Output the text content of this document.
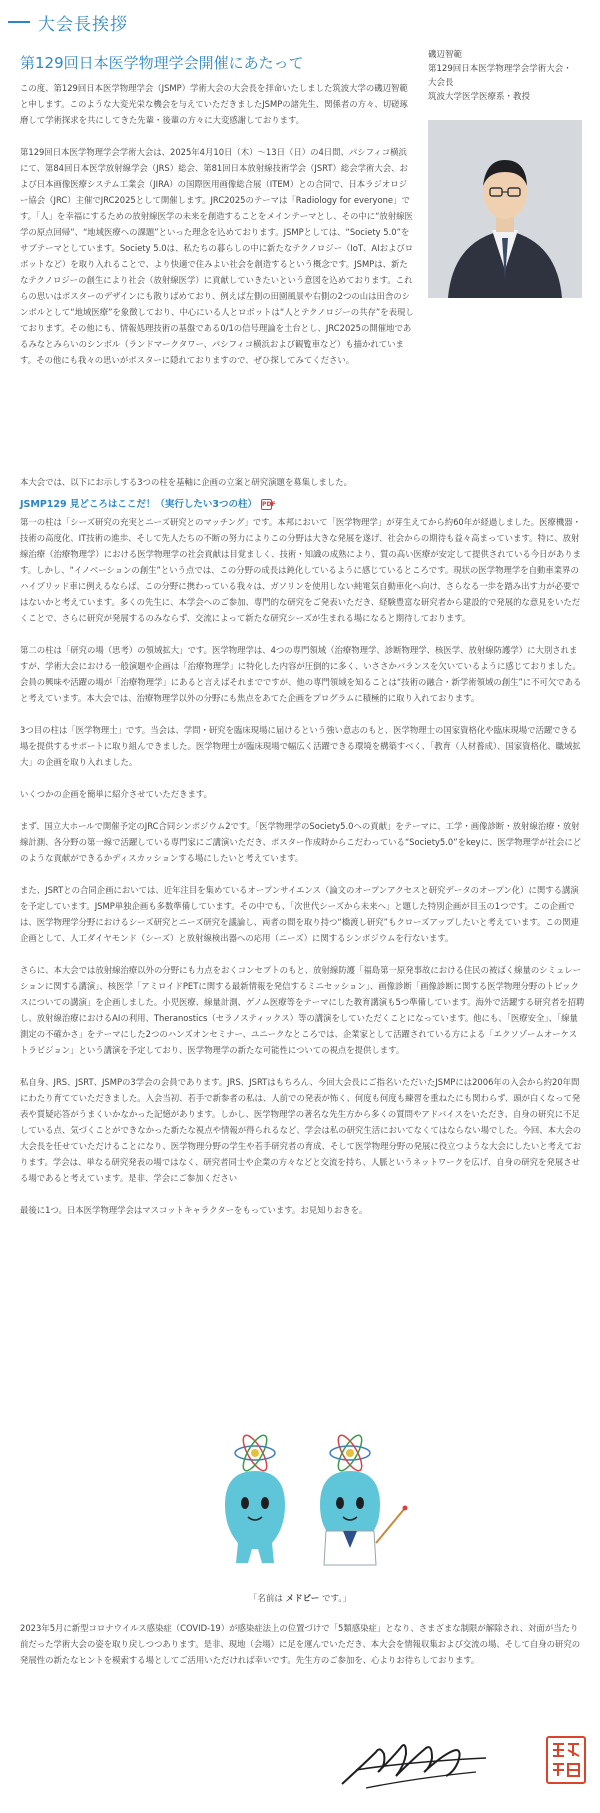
大会長挨拶
第129回日本医学物理学会開催にあたって	磯辺智範
第129回日本医学物理学会学術大会・大会長
筑波大学医学医療系・教授

この度、第129回日本医学物理学会（JSMP）学術大会の大会長を拝命いたしました筑波大学の磯辺智範と申します。このような大変光栄な機会を与えていただきましたJSMPの諸先生、関係者の方々、切磋琢磨して学術探求を共にしてきた先輩・後輩の方々に大変感謝しております。

第129回日本医学物理学会学術大会は、2025年4月10日（木）〜13日（日）の4日間、パシフィコ横浜にて、第84回日本医学放射線学会（JRS）総会、第81回日本放射線技術学会（JSRT）総会学術大会、および日本画像医療システム工業会（JIRA）の国際医用画像総合展（ITEM）との合同で、日本ラジオロジー協会（JRC）主催でJRC2025として開催します。JRC2025のテーマは「Radiology for everyone」です。「人」を幸福にするための放射線医学の未来を創造することをメインテーマとし、その中に“放射線医学の原点回帰”、“地域医療への課題”といった理念を込めております。JSMPとしては、“Society 5.0”をサブテーマとしています。Society 5.0は、私たちの暮らしの中に新たなテクノロジー（IoT、AIおよびロボットなど）を取り入れることで、より快適で住みよい社会を創造するという概念です。JSMPは、新たなテクノロジーの創生により社会（放射線医学）に貢献していきたいという意図を込めております。これらの思いはポスターのデザインにも散りばめており、例えば左側の田園風景や右側の2つの山は田舎のシンボルとして“地域医療”を象徴しており、中心にいる人とロボットは“人とテクノロジーの共存”を表現しております。その他にも、情報処理技術の基盤である0/1の信号理論を土台とし、JRC2025の開催地であるみなとみらいのシンボル（ランドマークタワー、パシフィコ横浜および観覧車など）も描かれています。その他にも我々の思いがポスターに隠れておりますので、ぜひ探してみてください。

本大会では、以下にお示しする3つの柱を基軸に企画の立案と研究演題を募集しました。

JSMP129 見どころはここだ！（実行したい3つの柱） PDF

第一の柱は「シーズ研究の充実とニーズ研究とのマッチング」です。本邦において「医学物理学」が芽生えてから約60年が経過しました。医療機器・技術の高度化、IT技術の進歩、そして先人たちの不断の努力によりこの分野は大きな発展を遂げ、社会からの期待も益々高まっています。特に、放射線治療（治療物理学）における医学物理学の社会貢献は目覚ましく、技術・知識の成熟により、質の高い医療が安定して提供されている今日があります。しかし、“イノベーションの創生”という点では、この分野の成長は鈍化しているように感じているところです。現状の医学物理学を自動車業界のハイブリッド車に例えるならば、この分野に携わっている我々は、ガソリンを使用しない純電気自動車化へ向け、さらなる一歩を踏み出す力が必要ではないかと考えています。多くの先生に、本学会へのご参加、専門的な研究をご発表いただき、経験豊富な研究者から建設的で発展的な意見をいただくことで、さらに研究が発展するのみならず、交流によって新たな研究シーズが生まれる場になると期待しております。

第二の柱は「研究の場（思考）の領域拡大」です。医学物理学は、4つの専門領域（治療物理学、診断物理学、核医学、放射線防護学）に大別されますが、学術大会における一般演題や企画は「治療物理学」に特化した内容が圧倒的に多く、いささかバランスを欠いているように感じておりました。会員の興味や活躍の場が「治療物理学」にあると言えばそれまでですが、他の専門領域を知ることは“技術の融合・新学術領域の創生”に不可欠であると考えています。本大会では、治療物理学以外の分野にも焦点をあてた企画をプログラムに積極的に取り入れております。

3つ目の柱は「医学物理士」です。当会は、学問・研究を臨床現場に届けるという強い意志のもと、医学物理士の国家資格化や臨床現場で活躍できる場を提供するサポートに取り組んできました。医学物理士が臨床現場で幅広く活躍できる環境を構築すべく、「教育（人材養成）、国家資格化、職域拡大」の企画を取り入れました。

いくつかの企画を簡単に紹介させていただきます。

まず、国立大ホールで開催予定のJRC合同シンポジウム2です。「医学物理学のSociety5.0への貢献」をテーマに、工学・画像診断・放射線治療・放射線計測、各分野の第一線で活躍している専門家にご講演いただき、ポスター作成時からこだわっている“Society5.0”をkeyに、医学物理学が社会にどのような貢献ができるかディスカッションする場にしたいと考えています。

また、JSRTとの合同企画においては、近年注目を集めているオープンサイエンス（論文のオープンアクセスと研究データのオープン化）に関する講演を予定しています。JSMP単独企画も多数準備しています。その中でも、「次世代シーズから未来へ」と題した特別企画が目玉の1つです。この企画では、医学物理学分野におけるシーズ研究とニーズ研究を議論し、両者の間を取り持つ“橋渡し研究”もクローズアップしたいと考えています。この関連企画として、人工ダイヤモンド（シーズ）と放射線検出器への応用（ニーズ）に関するシンポジウムを行ないます。

さらに、本大会では放射線治療以外の分野にも力点をおくコンセプトのもと、放射線防護「福島第一原発事故における住民の被ばく線量のシミュレーションに関する講演」、核医学「アミロイドPETに関する最新情報を発信するミニセッション」、画像診断「画像診断に関する医学物理分野のトピックスについての講演」を企画しました。小児医療、線量計測、ゲノム医療等をテーマにした教育講演も5つ準備しています。海外で活躍する研究者を招聘し、放射線治療におけるAIの利用、Theranostics（セラノスティックス）等の講演をしていただくことになっています。他にも、「医療安全」、「線量測定の不確かさ」をテーマにした2つのハンズオンセミナー、ユニークなところでは、企業家として活躍されている方による「エクソゾームオーケストラビジョン」という講演を予定しており、医学物理学の新たな可能性についての視点を提供します。

私自身、JRS、JSRT、JSMPの3学会の会員であります。JRS、JSRTはもちろん、今回大会長にご指名いただいたJSMPには2006年の入会から約20年間にわたり育てていただきました。入会当初、若手で新参者の私は、人前での発表が怖く、何度も何度も練習を重ねたにも関わらず、頭が白くなって発表や質疑応答がうまくいかなかった記憶があります。しかし、医学物理学の著名な先生方から多くの質問やアドバイスをいただき、自身の研究に不足している点、気づくことができなかった新たな視点や情報が得られるなど、学会は私の研究生活においてなくてはならない場でした。今回、本大会の大会長を任せていただけることになり、医学物理分野の学生や若手研究者の育成、そして医学物理分野の発展に役立つような大会にしたいと考えております。学会は、単なる研究発表の場ではなく、研究者同士や企業の方々などと交流を持ち、人脈というネットワークを広げ、自身の研究を発展させる場であると考えています。是非、学会にご参加ください

最後に1つ。日本医学物理学会はマスコットキャラクターをもっています。お見知りおきを。

「名前は メドビー です。」

2023年5月に新型コロナウイルス感染症（COVID-19）が感染症法上の位置づけで「5類感染症」となり、さまざまな制限が解除され、対面が当たり前だった学術大会の姿を取り戻しつつあります。是非、現地（会場）に足を運んでいただき、本大会を情報収集および交流の場、そして自身の研究の発展性の新たなヒントを模索する場としてご活用いただければ幸いです。先生方のご参加を、心よりお待ちしております。
